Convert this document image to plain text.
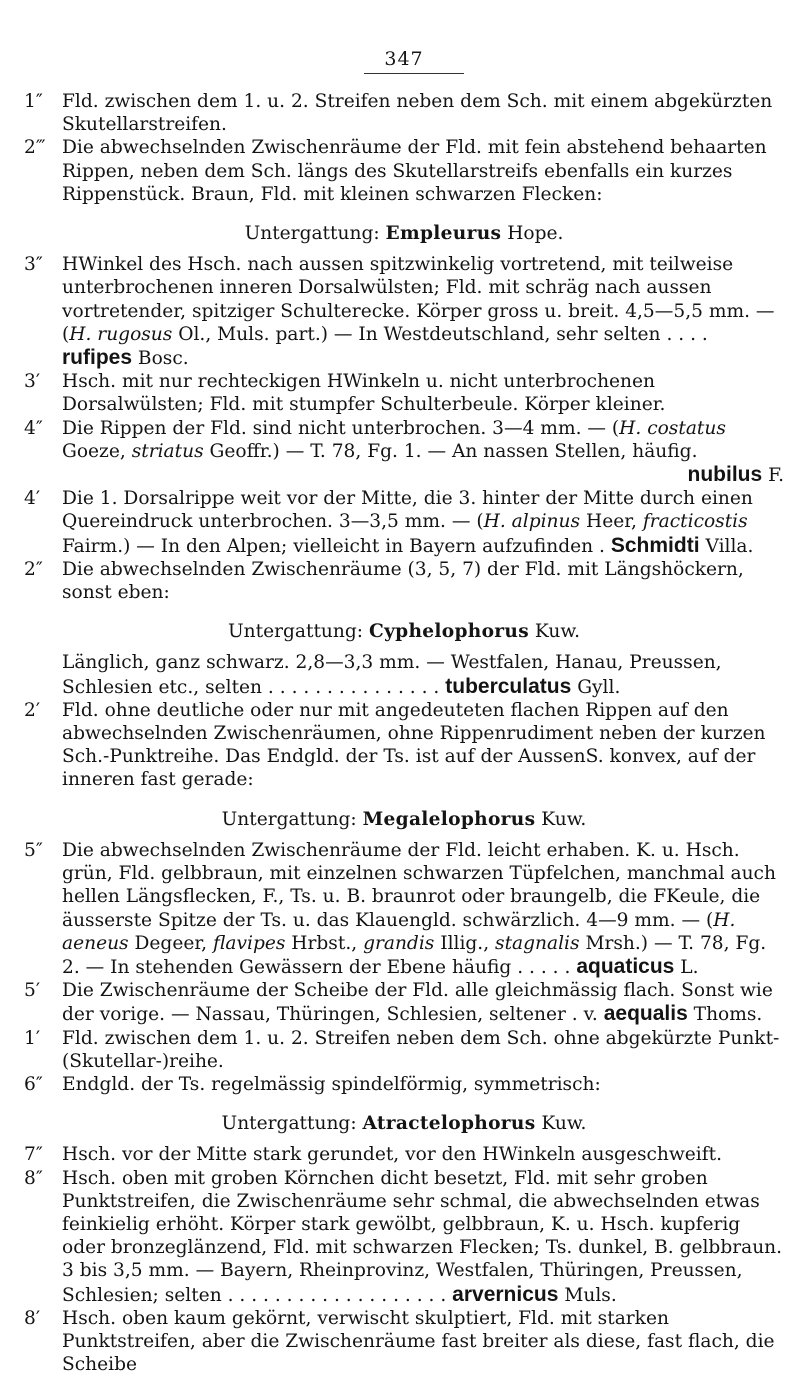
347

1″	Fld. zwischen dem 1. u. 2. Streifen neben dem Sch. mit einem abgekürzten Skutellarstreifen.

2‴ Die abwechselnden Zwischenräume der Fld. mit fein abstehend behaarten Rippen, neben dem Sch. längs des Skutellarstreifs ebenfalls ein kurzes Rippenstück. Braun, Fld. mit kleinen schwarzen Flecken:

Untergattung: Empleurus Hope.

3″	HWinkel des Hsch. nach aussen spitzwinkelig vortretend, mit teilweise unterbrochenen inneren Dorsalwülsten; Fld. mit schräg nach aussen vortretender, spitziger Schulterecke. Körper gross u. breit. 4,5—5,5 mm. — (H. rugosus Ol., Muls. part.) — In Westdeutschland, sehr selten . . . . rufipes Bosc.

3′	Hsch. mit nur rechteckigen HWinkeln u. nicht unterbrochenen Dorsalwülsten; Fld. mit stumpfer Schulterbeule. Körper kleiner.

4″	Die Rippen der Fld. sind nicht unterbrochen. 3—4 mm. — (H. costatus Goeze, striatus Geoffr.) — T. 78, Fg. 1. — An nassen Stellen, häufig.
nubilus F.

4′	Die 1. Dorsalrippe weit vor der Mitte, die 3. hinter der Mitte durch einen Quereindruck unterbrochen. 3—3,5 mm. — (H. alpinus Heer, fracticostis Fairm.) — In den Alpen; vielleicht in Bayern aufzufinden . Schmidti Villa.

2″	Die abwechselnden Zwischenräume (3, 5, 7) der Fld. mit Längshöckern, sonst eben:

Untergattung: Cyphelophorus Kuw.

Länglich, ganz schwarz. 2,8—3,3 mm. — Westfalen, Hanau, Preussen, Schlesien etc., selten . . . . . . . . . . . . . . . tuberculatus Gyll.

2′	Fld. ohne deutliche oder nur mit angedeuteten flachen Rippen auf den abwechselnden Zwischenräumen, ohne Rippenrudiment neben der kurzen Sch.-Punktreihe. Das Endgld. der Ts. ist auf der AussenS. konvex, auf der inneren fast gerade:

Untergattung: Megalelophorus Kuw.

5″	Die abwechselnden Zwischenräume der Fld. leicht erhaben. K. u. Hsch. grün, Fld. gelbbraun, mit einzelnen schwarzen Tüpfelchen, manchmal auch hellen Längsflecken, F., Ts. u. B. braunrot oder braungelb, die FKeule, die äusserste Spitze der Ts. u. das Klauengld. schwärzlich. 4—9 mm. — (H. aeneus Degeer, flavipes Hrbst., grandis Illig., stagnalis Mrsh.) — T. 78, Fg. 2. — In stehenden Gewässern der Ebene häufig . . . . . aquaticus L.

5′	Die Zwischenräume der Scheibe der Fld. alle gleichmässig flach. Sonst wie der vorige. — Nassau, Thüringen, Schlesien, seltener . v. aequalis Thoms.

1′	Fld. zwischen dem 1. u. 2. Streifen neben dem Sch. ohne abgekürzte Punkt-(Skutellar-)reihe.

6″	Endgld. der Ts. regelmässig spindelförmig, symmetrisch:

Untergattung: Atractelophorus Kuw.

7″	Hsch. vor der Mitte stark gerundet, vor den HWinkeln ausgeschweift.

8″	Hsch. oben mit groben Körnchen dicht besetzt, Fld. mit sehr groben Punktstreifen, die Zwischenräume sehr schmal, die abwechselnden etwas feinkielig erhöht. Körper stark gewölbt, gelbbraun, K. u. Hsch. kupferig oder bronzeglänzend, Fld. mit schwarzen Flecken; Ts. dunkel, B. gelbbraun. 3 bis 3,5 mm. — Bayern, Rheinprovinz, Westfalen, Thüringen, Preussen, Schlesien; selten . . . . . . . . . . . . . . . . . . . arvernicus Muls.

8′	Hsch. oben kaum gekörnt, verwischt skulptiert, Fld. mit starken Punktstreifen, aber die Zwischenräume fast breiter als diese, fast flach, die Scheibe
